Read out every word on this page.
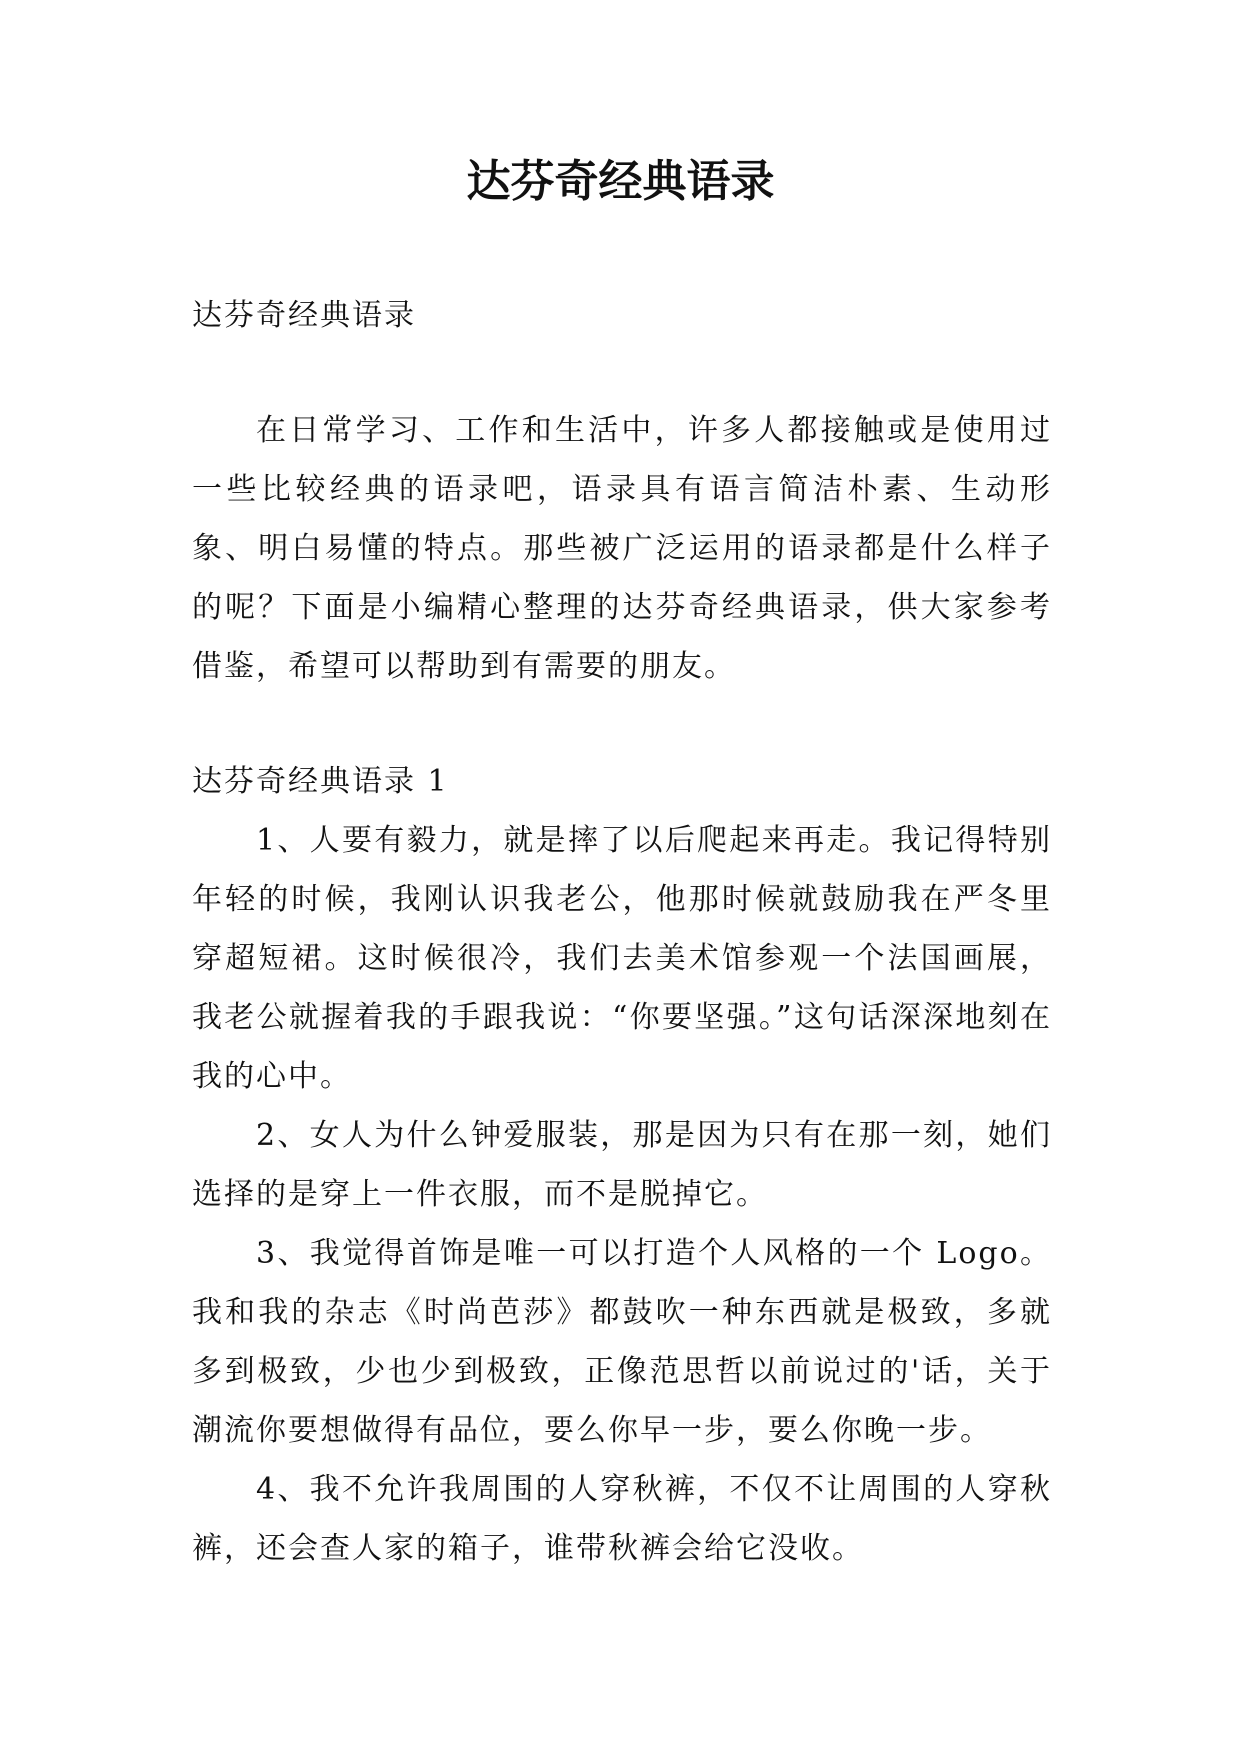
达芬奇经典语录

达芬奇经典语录

在日常学习、工作和生活中，许多人都接触或是使用过一些比较经典的语录吧，语录具有语言简洁朴素、生动形象、明白易懂的特点。那些被广泛运用的语录都是什么样子的呢？下面是小编精心整理的达芬奇经典语录，供大家参考借鉴，希望可以帮助到有需要的朋友。

达芬奇经典语录 1

1、人要有毅力，就是摔了以后爬起来再走。我记得特别年轻的时候，我刚认识我老公，他那时候就鼓励我在严冬里穿超短裙。这时候很冷，我们去美术馆参观一个法国画展，我老公就握着我的手跟我说：“你要坚强。”这句话深深地刻在我的心中。

2、女人为什么钟爱服装，那是因为只有在那一刻，她们选择的是穿上一件衣服，而不是脱掉它。

3、我觉得首饰是唯一可以打造个人风格的一个 Logo。我和我的杂志《时尚芭莎》都鼓吹一种东西就是极致，多就多到极致，少也少到极致，正像范思哲以前说过的'话，关于潮流你要想做得有品位，要么你早一步，要么你晚一步。

4、我不允许我周围的人穿秋裤，不仅不让周围的人穿秋裤，还会查人家的箱子，谁带秋裤会给它没收。
